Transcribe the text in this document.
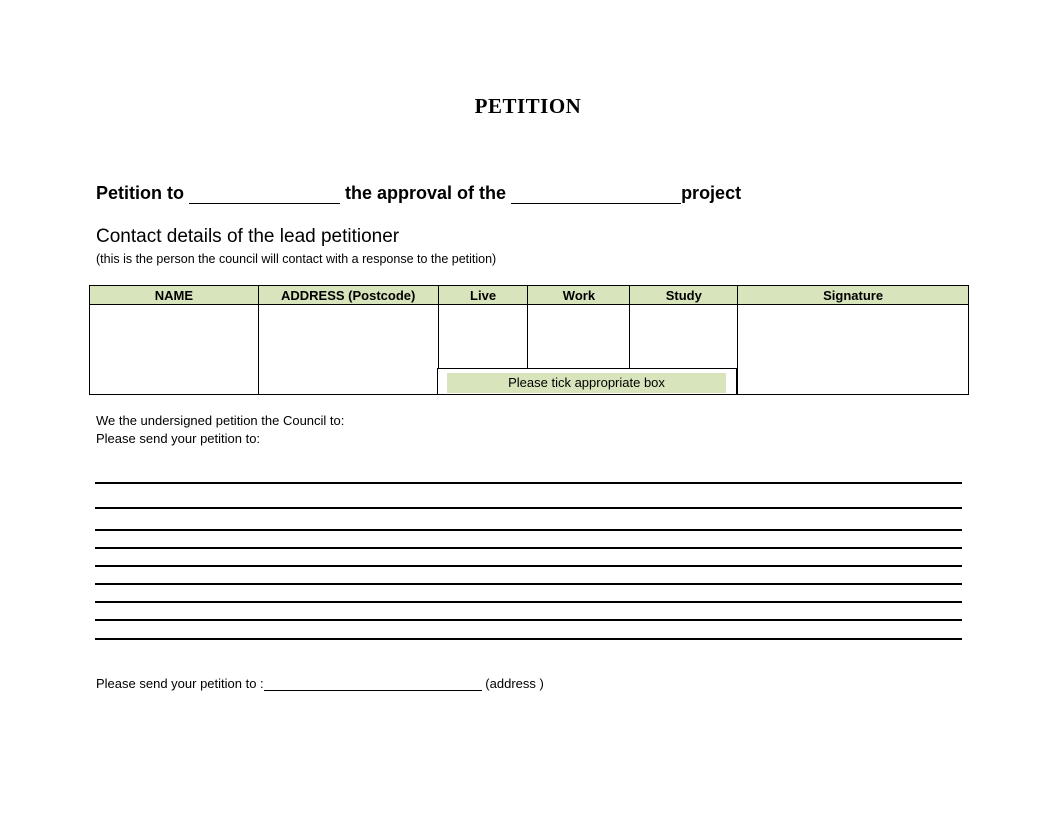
PETITION
Petition to	the approval of the	project
Contact details of the lead petitioner
(this is the person the council will contact with a response to the petition)
NAME	ADDRESS (Postcode)	Live	Work	Study	Signature

Please tick appropriate box
We the undersigned petition the Council to:
Please send your petition to:
Please send your petition to :	(address )
